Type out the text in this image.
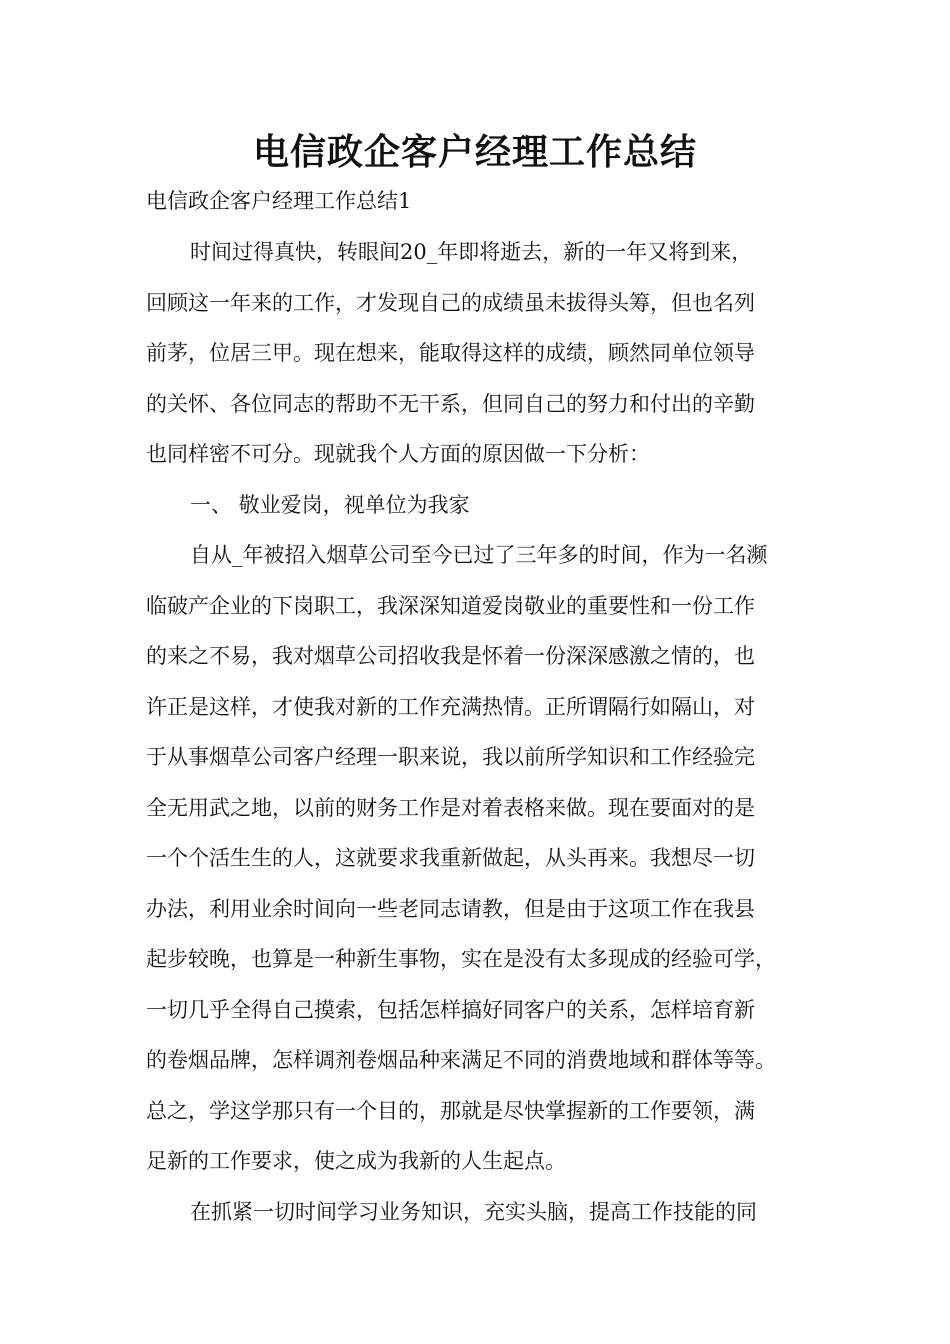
电信政企客户经理工作总结
电信政企客户经理工作总结1
时间过得真快，转眼间20_年即将逝去，新的一年又将到来，
回顾这一年来的工作，才发现自己的成绩虽未拔得头筹，但也名列
前茅，位居三甲。现在想来，能取得这样的成绩，顾然同单位领导
的关怀、各位同志的帮助不无干系，但同自己的努力和付出的辛勤
也同样密不可分。现就我个人方面的原因做一下分析：
一、 敬业爱岗，视单位为我家
自从_年被招入烟草公司至今已过了三年多的时间，作为一名濒
临破产企业的下岗职工，我深深知道爱岗敬业的重要性和一份工作
的来之不易，我对烟草公司招收我是怀着一份深深感激之情的，也
许正是这样，才使我对新的工作充满热情。正所谓隔行如隔山，对
于从事烟草公司客户经理一职来说，我以前所学知识和工作经验完
全无用武之地，以前的财务工作是对着表格来做。现在要面对的是
一个个活生生的人，这就要求我重新做起，从头再来。我想尽一切
办法，利用业余时间向一些老同志请教，但是由于这项工作在我县
起步较晚，也算是一种新生事物，实在是没有太多现成的经验可学，
一切几乎全得自己摸索，包括怎样搞好同客户的关系，怎样培育新
的卷烟品牌，怎样调剂卷烟品种来满足不同的消费地域和群体等等。
总之，学这学那只有一个目的，那就是尽快掌握新的工作要领，满
足新的工作要求，使之成为我新的人生起点。
在抓紧一切时间学习业务知识，充实头脑，提高工作技能的同
